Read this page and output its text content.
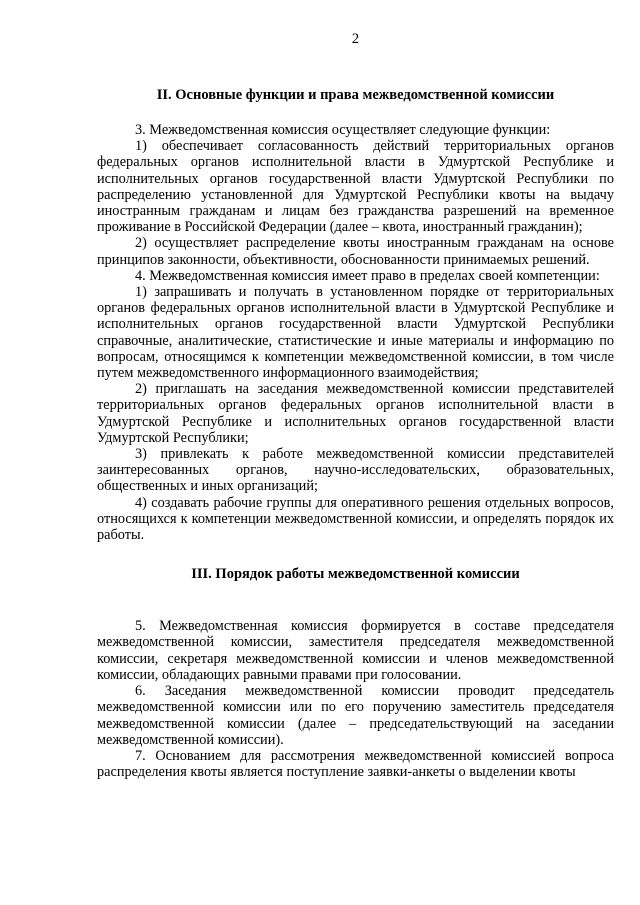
2
II. Основные функции и права межведомственной комиссии

3. Межведомственная комиссия осуществляет следующие функции:

1) обеспечивает согласованность действий территориальных органов федеральных органов исполнительной власти в Удмуртской Республике и исполнительных органов государственной власти Удмуртской Республики по распределению установленной для Удмуртской Республики квоты на выдачу иностранным гражданам и лицам без гражданства разрешений на временное проживание в Российской Федерации (далее – квота, иностранный гражданин);

2) осуществляет распределение квоты иностранным гражданам на основе принципов законности, объективности, обоснованности принимаемых решений.

4. Межведомственная комиссия имеет право в пределах своей компетенции:

1) запрашивать и получать в установленном порядке от территориальных органов федеральных органов исполнительной власти в Удмуртской Республике и исполнительных органов государственной власти Удмуртской Республики справочные, аналитические, статистические и иные материалы и информацию по вопросам, относящимся к компетенции межведомственной комиссии, в том числе путем межведомственного информационного взаимодействия;

2) приглашать на заседания межведомственной комиссии представителей территориальных органов федеральных органов исполнительной власти в Удмуртской Республике и исполнительных органов государственной власти Удмуртской Республики;

3) привлекать к работе межведомственной комиссии представителей заинтересованных органов, научно-исследовательских, образовательных, общественных и иных организаций;

4) создавать рабочие группы для оперативного решения отдельных вопросов, относящихся к компетенции межведомственной комиссии, и определять порядок их работы.

III. Порядок работы межведомственной комиссии

5. Межведомственная комиссия формируется в составе председателя межведомственной комиссии, заместителя председателя межведомственной комиссии, секретаря межведомственной комиссии и членов межведомственной комиссии, обладающих равными правами при голосовании.

6. Заседания межведомственной комиссии проводит председатель межведомственной комиссии или по его поручению заместитель председателя межведомственной комиссии (далее – председательствующий на заседании межведомственной комиссии).

7. Основанием для рассмотрения межведомственной комиссией вопроса распределения квоты является поступление заявки-анкеты о выделении квоты
